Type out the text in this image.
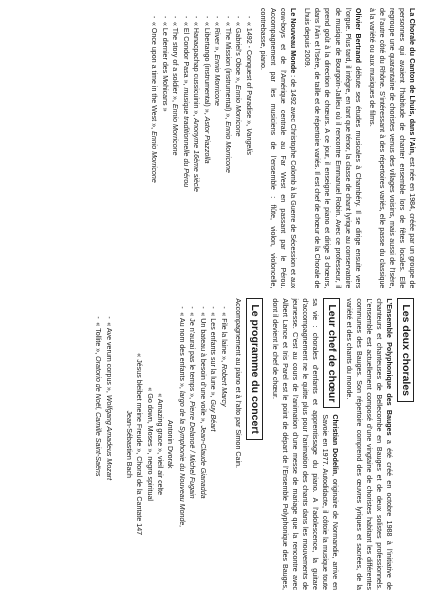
La Chorale du Canton de Lhuis, dans l’Ain, est née en 1984, créée par un groupe de personnes qui avaient l’habitude de chanter ensemble lors de fêtes locales. Elle regroupe une quarantaine de choristes venus des villages voisins, mais aussi de l’Isère, de l’autre côté du Rhône. S’intéressant à des répertoires variés, elle passe du classique à la variété ou aux musiques de films.

Olivier Bertrand débute ses études musicales à Chambéry. Il se dirige ensuite vers l’orgue. Plus tard, il intègre, en tant que ténor, la classe de chant lyrique au conservatoire de musique de Bourgoin-Jallieu où il rencontre Emmanuel Robin. Avec ce professeur, il prend goût à la direction de chœurs. A ce jour, il enseigne le piano et dirige 3 chœurs, dans l’Ain et l’Isère, de taille et de répertoire variés. Il est chef de chœur de la Chorale de Lhuis depuis 2009.

Le Nouveau Monde : de 1492 avec Christophe Colomb à la Guerre de Sécession et aux cow-boys et de l’Amérique centrale au Far West en passant par le Pérou. Accompagnement par les musiciens de l’ensemble : flûte, violon, violoncelle, contrebasse, piano.

-« 1492 - Conquest of Paradise », Vangelis
-« Gabriel’s Oboe », Ennio Morricone
-« The Mission (instrumental) », Ennio Morricone
-« River », Ennio Morricone
-« Libertango (instrumental) », Astor Piazzolla
-« Hanacpachap cussicuinin », Anonyme 16ème siècle
-« El Condor Pasa », musique traditionnelle du Pérou
-« The story of a soldier », Ennio Morricone
-« Le dernier des Mohicans »
-« Once upon a time in the West », Ennio Morricone
Les deux chorales

L’Ensemble Polyphonique des Bauges a été créé en octobre 1988 à l’initiative de chanteurs et chanteuses de Bellecombe en Bauges et de deux solistes professionnels. L’ensemble est actuellement composé d’une vingtaine de choristes habitant les différentes communes des Bauges. Son répertoire comprend des œuvres lyriques et sacrées, de la variété et des chants du monde.

Leur chef de chœur
Christian Dodelin, originaire de Normandie, arrive en Savoie en 1977. Autodidacte, il côtoie la musique toute sa vie : chorales d’enfants et apprentissage du piano. A l’adolescence, la guitare d’accompagnement ne le quitte plus pour l’animation des chants dans les mouvements de jeunesse. C’est au cours de l’animation d’une messe de mariage que la rencontre avec Albert Lance et Iris Parel est le point de départ de l’Ensemble Polyphonique des Bauges, dont il devient le chef de chœur.

Le programme du concert

Accompagnement au piano et à l’alto par Simon Cain.

-« File la laine », Robert Marcy
-« Les enfants sur la lune », Guy Béart
-« Un bateau à besoin d’une voile », Jean-Claude Gianadda
-« Je n’aurai pas le temps », Pierre Delanoë / Michel Fugain
-« Au nom des enfants », largo de la Symphonie du Nouveau Monde,
Antonin Dvorak
« Amazing grace », vieil air celte
« Go down, Moses », negro spiritual
« Jésus bleibet meine Freude », Choral de la Cantate 147
Jean-Sébastien Bach
-« Ave verum corpus », Wolfgang Amadeus Mozart
-« Tollite », Oratorio de Noël, Camille Saint-Saëns
